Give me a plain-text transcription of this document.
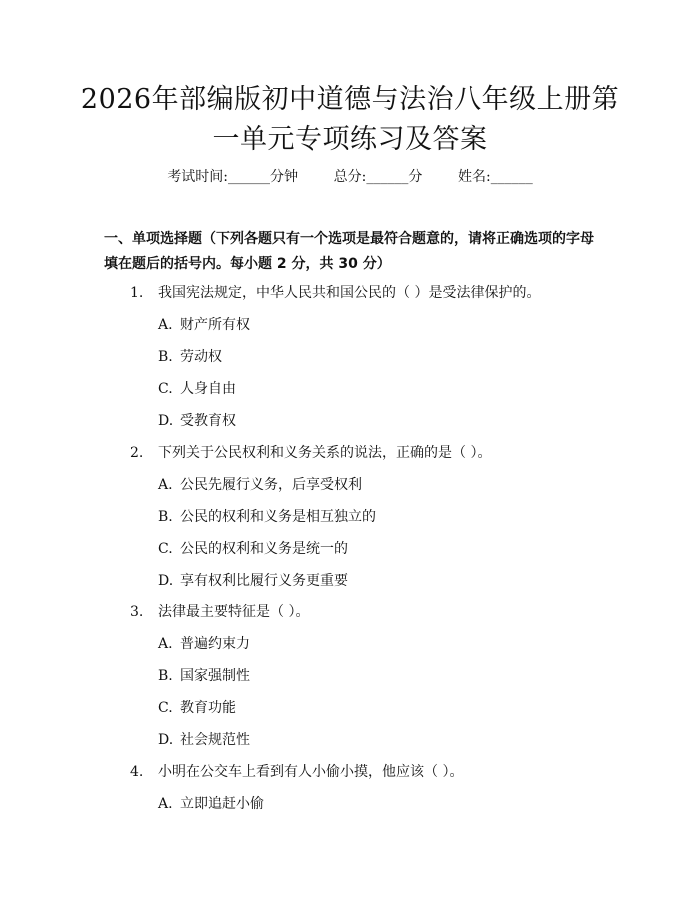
2026年部编版初中道德与法治八年级上册第
一单元专项练习及答案
考试时间:______分钟	总分:______分	姓名:______
一、单项选择题（下列各题只有一个选项是最符合题意的，请将正确选项的字母
填在题后的括号内。每小题 2 分，共 30 分）
1. 我国宪法规定，中华人民共和国公民的（ ）是受法律保护的。
A. 财产所有权
B. 劳动权
C. 人身自由
D. 受教育权
2. 下列关于公民权利和义务关系的说法，正确的是（ ）。
A. 公民先履行义务，后享受权利
B. 公民的权利和义务是相互独立的
C. 公民的权利和义务是统一的
D. 享有权利比履行义务更重要
3. 法律最主要特征是（ ）。
A. 普遍约束力
B. 国家强制性
C. 教育功能
D. 社会规范性
4. 小明在公交车上看到有人小偷小摸，他应该（ ）。
A. 立即追赶小偷
